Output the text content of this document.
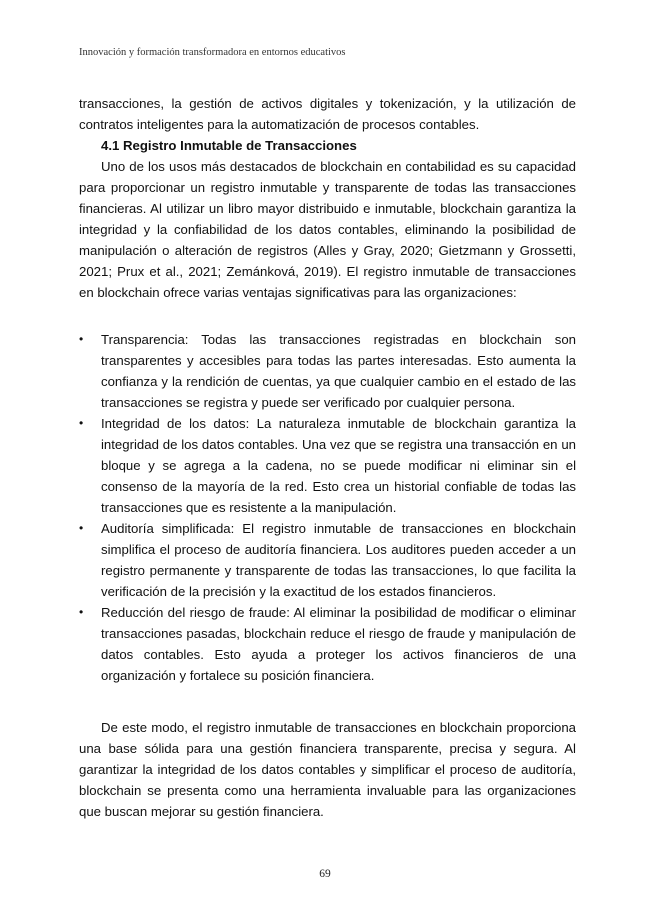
Innovación y formación transformadora en entornos educativos

transacciones, la gestión de activos digitales y tokenización, y la utilización de contratos inteligentes para la automatización de procesos contables.

4.1 Registro Inmutable de Transacciones

Uno de los usos más destacados de blockchain en contabilidad es su capacidad para proporcionar un registro inmutable y transparente de todas las transacciones financieras. Al utilizar un libro mayor distribuido e inmutable, blockchain garantiza la integridad y la confiabilidad de los datos contables, eliminando la posibilidad de manipulación o alteración de registros (Alles y Gray, 2020; Gietzmann y Grossetti, 2021; Prux et al., 2021; Zemánková, 2019). El registro inmutable de transacciones en blockchain ofrece varias ventajas significativas para las organizaciones:

• Transparencia: Todas las transacciones registradas en blockchain son transparentes y accesibles para todas las partes interesadas. Esto aumenta la confianza y la rendición de cuentas, ya que cualquier cambio en el estado de las transacciones se registra y puede ser verificado por cualquier persona.
• Integridad de los datos: La naturaleza inmutable de blockchain garantiza la integridad de los datos contables. Una vez que se registra una transacción en un bloque y se agrega a la cadena, no se puede modificar ni eliminar sin el consenso de la mayoría de la red. Esto crea un historial confiable de todas las transacciones que es resistente a la manipulación.
• Auditoría simplificada: El registro inmutable de transacciones en blockchain simplifica el proceso de auditoría financiera. Los auditores pueden acceder a un registro permanente y transparente de todas las transacciones, lo que facilita la verificación de la precisión y la exactitud de los estados financieros.
• Reducción del riesgo de fraude: Al eliminar la posibilidad de modificar o eliminar transacciones pasadas, blockchain reduce el riesgo de fraude y manipulación de datos contables. Esto ayuda a proteger los activos financieros de una organización y fortalece su posición financiera.

De este modo, el registro inmutable de transacciones en blockchain proporciona una base sólida para una gestión financiera transparente, precisa y segura. Al garantizar la integridad de los datos contables y simplificar el proceso de auditoría, blockchain se presenta como una herramienta invaluable para las organizaciones que buscan mejorar su gestión financiera.

69
